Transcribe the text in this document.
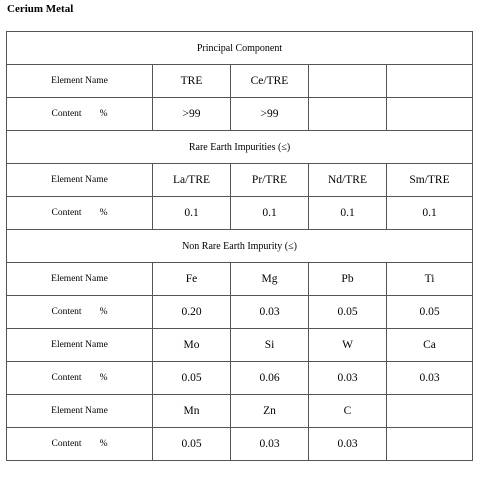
Cerium Metal
Principal Component				
Element Name	TRE	Ce/TRE		
Content %	>99	>99		
Rare Earth Impurities (≤)				
Element Name	La/TRE	Pr/TRE	Nd/TRE	Sm/TRE
Content %	0.1	0.1	0.1	0.1
Non Rare Earth Impurity (≤)				
Element Name	Fe	Mg	Pb	Ti
Content %	0.20	0.03	0.05	0.05
Element Name	Mo	Si	W	Ca
Content %	0.05	0.06	0.03	0.03
Element Name	Mn	Zn	C	
Content %	0.05	0.03	0.03	
